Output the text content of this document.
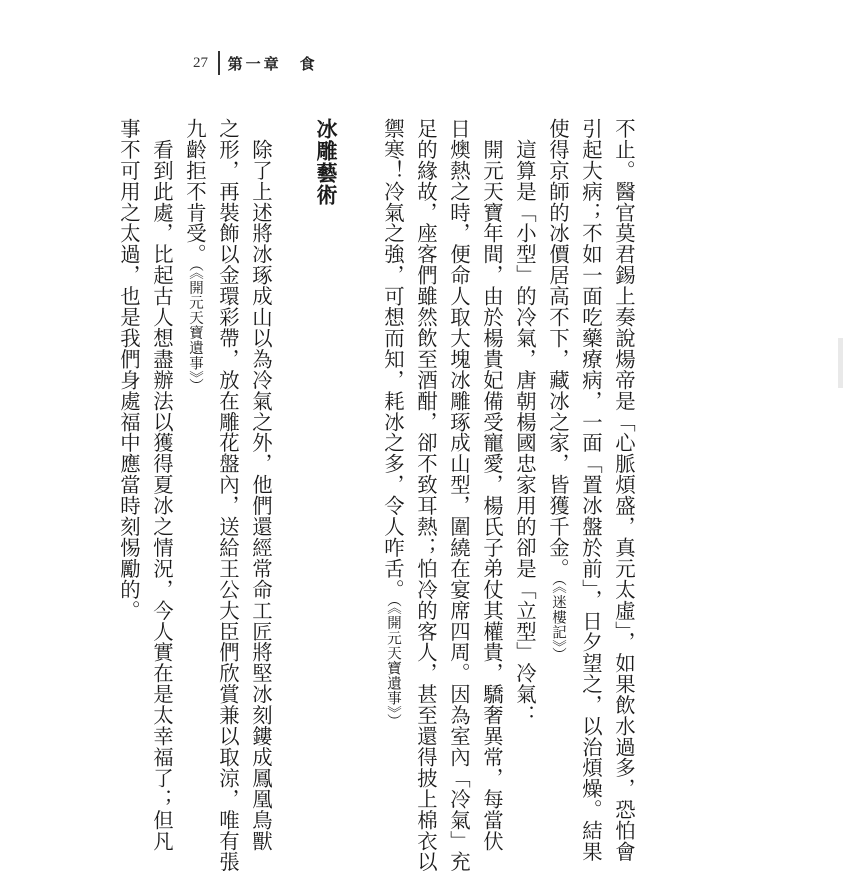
27 第一章　食

不止。醫官莫君錫上奏說煬帝是「心脈煩盛，真元太虛」，如果飲水過多，恐怕會

引起大病；不如一面吃藥療病，一面「置冰盤於前」，日夕望之，以治煩燥。結果

使得京師的冰價居高不下，藏冰之家，皆獲千金。（《迷樓記》）

　這算是「小型」的冷氣，唐朝楊國忠家用的卻是「立型」冷氣：

　開元天寶年間，由於楊貴妃備受寵愛，楊氏子弟仗其權貴，驕奢異常，每當伏

日燠熱之時，便命人取大塊冰雕琢成山型，圍繞在宴席四周。因為室內「冷氣」充

足的緣故，座客們雖然飲至酒酣，卻不致耳熱；怕冷的客人，甚至還得披上棉衣以

禦寒！冷氣之強，可想而知，耗冰之多，令人咋舌。（《開元天寶遺事》）

冰雕藝術

　除了上述將冰琢成山以為冷氣之外，他們還經常命工匠將堅冰刻鏤成鳳凰鳥獸

之形，再裝飾以金環彩帶，放在雕花盤內，送給王公大臣們欣賞兼以取涼，唯有張

九齡拒不肯受。（《開元天寶遺事》）

　看到此處，比起古人想盡辦法以獲得夏冰之情況，今人實在是太幸福了；但凡

事不可用之太過，也是我們身處福中應當時刻惕勵的。
